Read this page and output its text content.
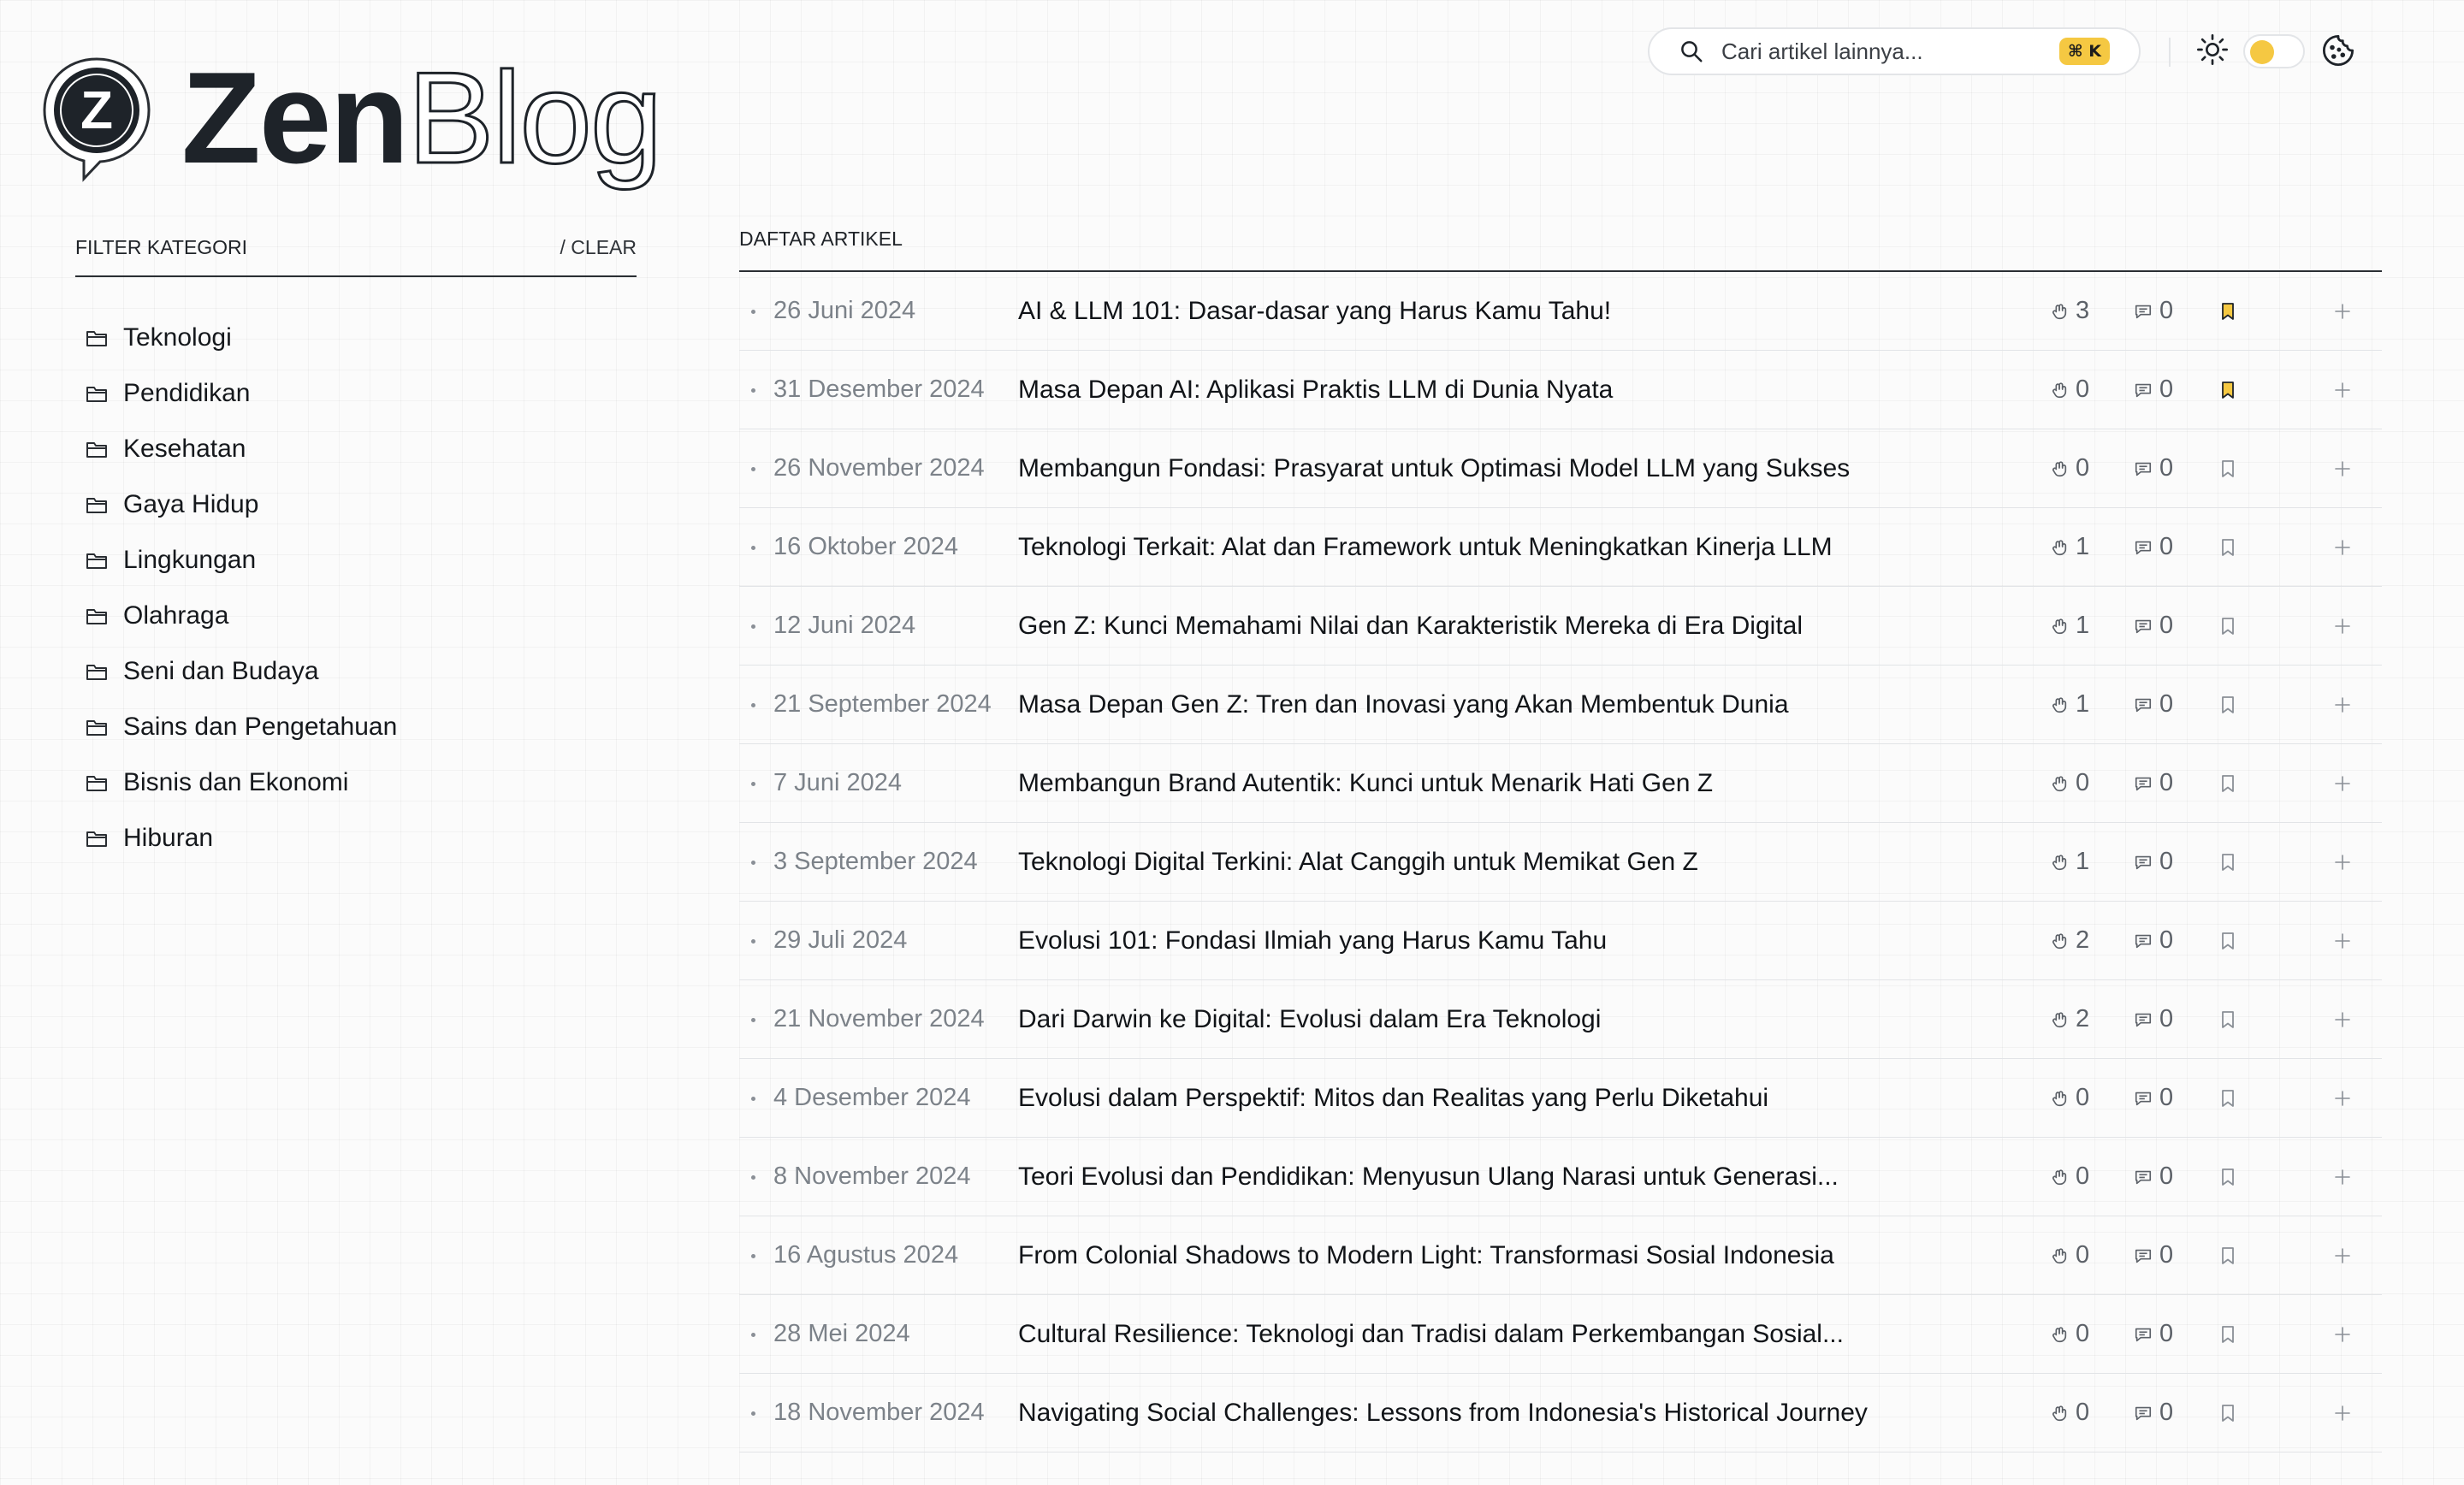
Z Zen Blog
Cari artikel lainnya...	⌘ K
FILTER KATEGORI	/ CLEAR
Teknologi
Pendidikan
Kesehatan
Gaya Hidup
Lingkungan
Olahraga
Seni dan Budaya
Sains dan Pengetahuan
Bisnis dan Ekonomi
Hiburan
DAFTAR ARTIKEL
26 Juni 2024	AI & LLM 101: Dasar-dasar yang Harus Kamu Tahu!	3	0
31 Desember 2024 Masa Depan AI: Aplikasi Praktis LLM di Dunia Nyata	0	0
26 November 2024 Membangun Fondasi: Prasyarat untuk Optimasi Model LLM yang Sukses	0	0
16 Oktober 2024 Teknologi Terkait: Alat dan Framework untuk Meningkatkan Kinerja LLM	1	0
12 Juni 2024	Gen Z: Kunci Memahami Nilai dan Karakteristik Mereka di Era Digital	1	0
21 September 2024 Masa Depan Gen Z: Tren dan Inovasi yang Akan Membentuk Dunia	1	0
7 Juni 2024	Membangun Brand Autentik: Kunci untuk Menarik Hati Gen Z	0	0
3 September 2024 Teknologi Digital Terkini: Alat Canggih untuk Memikat Gen Z	1	0
29 Juli 2024	Evolusi 101: Fondasi Ilmiah yang Harus Kamu Tahu	2	0
21 November 2024 Dari Darwin ke Digital: Evolusi dalam Era Teknologi	2	0
4 Desember 2024 Evolusi dalam Perspektif: Mitos dan Realitas yang Perlu Diketahui	0	0
8 November 2024 Teori Evolusi dan Pendidikan: Menyusun Ulang Narasi untuk Generasi...	0	0
16 Agustus 2024 From Colonial Shadows to Modern Light: Transformasi Sosial Indonesia	0	0
28 Mei 2024	Cultural Resilience: Teknologi dan Tradisi dalam Perkembangan Sosial...	0	0
18 November 2024 Navigating Social Challenges: Lessons from Indonesia's Historical Journey	0	0
